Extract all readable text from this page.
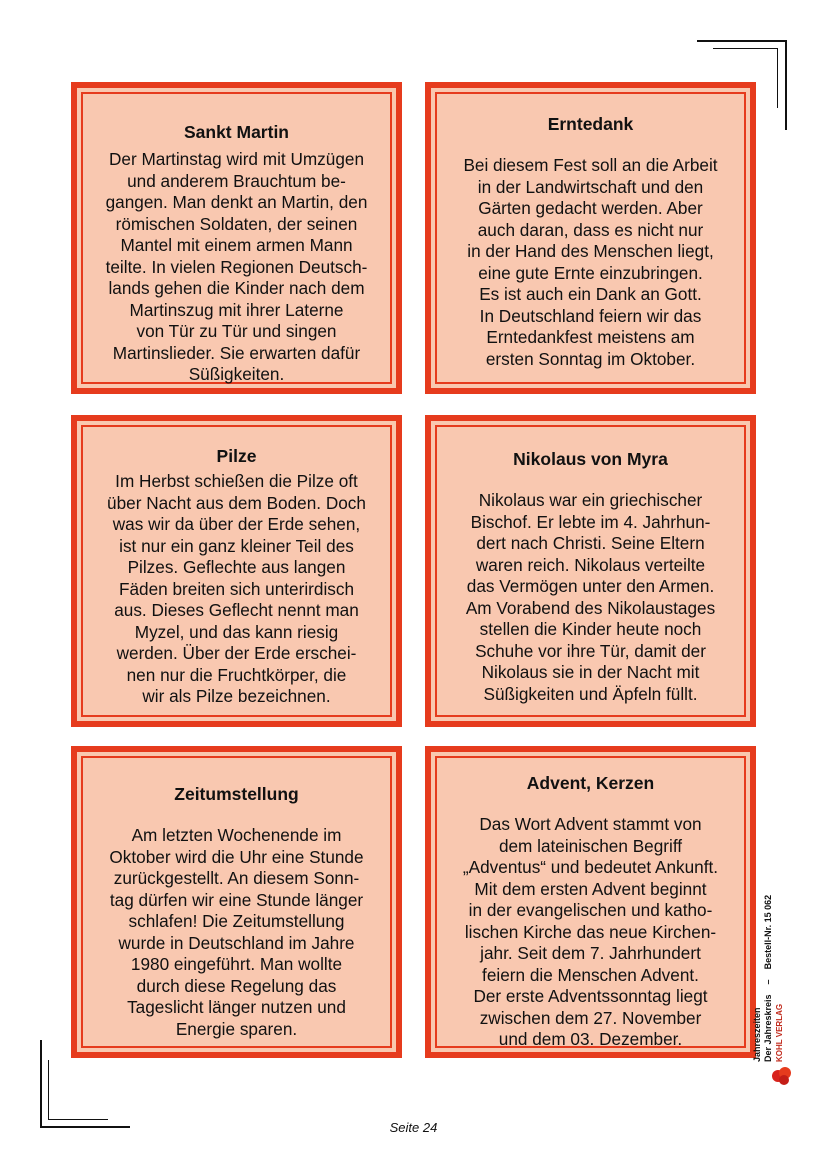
Sankt Martin
Der Martinstag wird mit Umzügen
und anderem Brauchtum be-
gangen. Man denkt an Martin, den
römischen Soldaten, der seinen
Mantel mit einem armen Mann
teilte. In vielen Regionen Deutsch-
lands gehen die Kinder nach dem
Martinszug mit ihrer Laterne
von Tür zu Tür und singen
Martinslieder. Sie erwarten dafür
Süßigkeiten.
Erntedank
Bei diesem Fest soll an die Arbeit
in der Landwirtschaft und den
Gärten gedacht werden. Aber
auch daran, dass es nicht nur
in der Hand des Menschen liegt,
eine gute Ernte einzubringen.
Es ist auch ein Dank an Gott.
In Deutschland feiern wir das
Erntedankfest meistens am
ersten Sonntag im Oktober.
Pilze
Im Herbst schießen die Pilze oft
über Nacht aus dem Boden. Doch
was wir da über der Erde sehen,
ist nur ein ganz kleiner Teil des
Pilzes. Geflechte aus langen
Fäden breiten sich unterirdisch
aus. Dieses Geflecht nennt man
Myzel, und das kann riesig
werden. Über der Erde erschei-
nen nur die Fruchtkörper, die
wir als Pilze bezeichnen.
Nikolaus von Myra
Nikolaus war ein griechischer
Bischof. Er lebte im 4. Jahrhun-
dert nach Christi. Seine Eltern
waren reich. Nikolaus verteilte
das Vermögen unter den Armen.
Am Vorabend des Nikolaustages
stellen die Kinder heute noch
Schuhe vor ihre Tür, damit der
Nikolaus sie in der Nacht mit
Süßigkeiten und Äpfeln füllt.
Zeitumstellung
Am letzten Wochenende im
Oktober wird die Uhr eine Stunde
zurückgestellt. An diesem Sonn-
tag dürfen wir eine Stunde länger
schlafen! Die Zeitumstellung
wurde in Deutschland im Jahre
1980 eingeführt. Man wollte
durch diese Regelung das
Tageslicht länger nutzen und
Energie sparen.
Advent, Kerzen
Das Wort Advent stammt von
dem lateinischen Begriff
„Adventus“ und bedeutet Ankunft.
Mit dem ersten Advent beginnt
in der evangelischen und katho-
lischen Kirche das neue Kirchen-
jahr. Seit dem 7. Jahrhundert
feiern die Menschen Advent.
Der erste Adventssonntag liegt
zwischen dem 27. November
und dem 03. Dezember.	Jahreszeiten Der Jahreskreis
–
Bestell-Nr. 15 062
KOHL VERLAG
Seite 24
